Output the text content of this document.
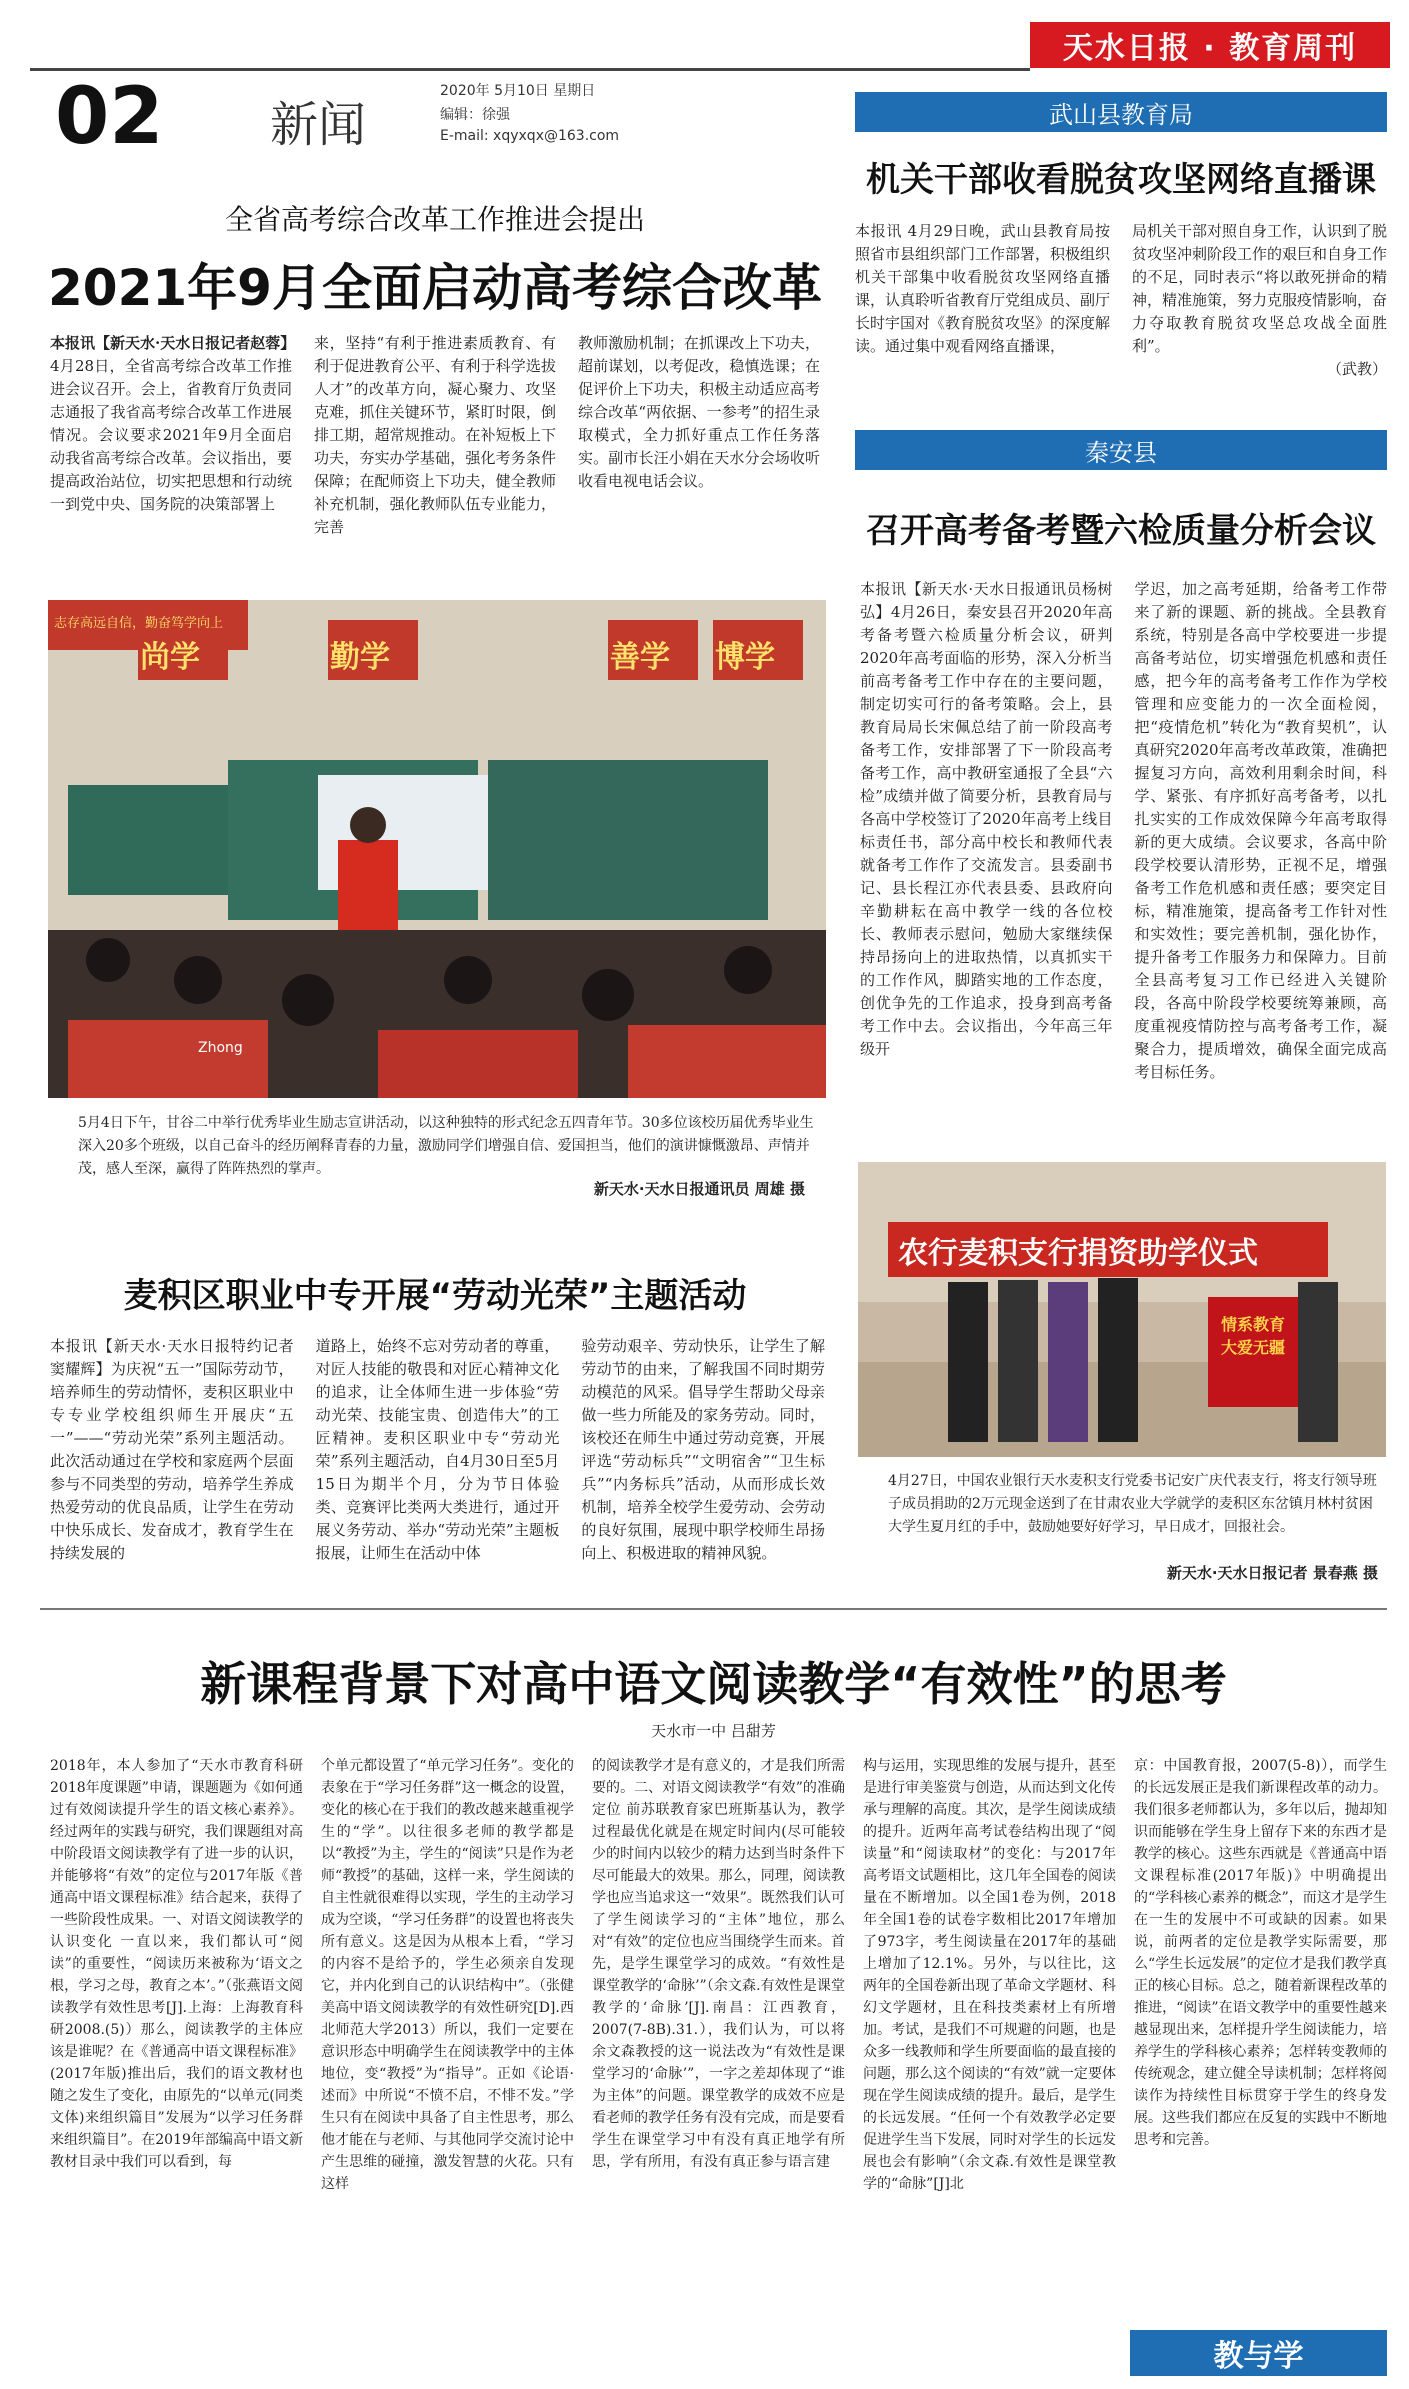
天水日报 · 教育周刊
02 新闻
2020年 5月10日 星期日
编辑：徐强
E-mail: xqyxqx@163.com
全省高考综合改革工作推进会提出
2021年9月全面启动高考综合改革

本报讯【新天水·天水日报记者赵蓉】4月28日，全省高考综合改革工作推进会议召开。会上，省教育厅负责同志通报了我省高考综合改革工作进展情况。会议要求2021年9月全面启动我省高考综合改革。会议指出，要提高政治站位，切实把思想和行动统一到党中央、国务院的决策部署上

来，坚持“有利于推进素质教育、有利于促进教育公平、有利于科学选拔人才”的改革方向，凝心聚力、攻坚克难，抓住关键环节，紧盯时限，倒排工期，超常规推动。在补短板上下功夫，夯实办学基础，强化考务条件保障；在配师资上下功夫，健全教师补充机制，强化教师队伍专业能力，完善

教师激励机制；在抓课改上下功夫，超前谋划，以考促改，稳慎选课；在促评价上下功夫，积极主动适应高考综合改革“两依据、一参考”的招生录取模式，全力抓好重点工作任务落实。副市长汪小娟在天水分会场收听收看电视电话会议。

志存高远自信，勤奋笃学向上
尚学	勤学	善学 博学
Zhong
5月4日下午，甘谷二中举行优秀毕业生励志宣讲活动，以这种独特的形式纪念五四青年节。30多位该校历届优秀毕业生深入20多个班级，以自己奋斗的经历阐释青春的力量，激励同学们增强自信、爱国担当，他们的演讲慷慨激昂、声情并茂，感人至深，赢得了阵阵热烈的掌声。
新天水·天水日报通讯员 周雄 摄
武山县教育局
机关干部收看脱贫攻坚网络直播课

本报讯 4月29日晚，武山县教育局按照省市县组织部门工作部署，积极组织机关干部集中收看脱贫攻坚网络直播课，认真聆听省教育厅党组成员、副厅长时宇国对《教育脱贫攻坚》的深度解读。通过集中观看网络直播课，

局机关干部对照自身工作，认识到了脱贫攻坚冲刺阶段工作的艰巨和自身工作的不足，同时表示“将以敢死拼命的精神，精准施策，努力克服疫情影响，奋力夺取教育脱贫攻坚总攻战全面胜利”。

（武教）

秦安县
召开高考备考暨六检质量分析会议

本报讯【新天水·天水日报通讯员杨树弘】4月26日，秦安县召开2020年高考备考暨六检质量分析会议，研判2020年高考面临的形势，深入分析当前高考备考工作中存在的主要问题，制定切实可行的备考策略。会上，县教育局局长宋佩总结了前一阶段高考备考工作，安排部署了下一阶段高考备考工作，高中教研室通报了全县“六检”成绩并做了简要分析，县教育局与各高中学校签订了2020年高考上线目标责任书，部分高中校长和教师代表就备考工作作了交流发言。县委副书记、县长程江亦代表县委、县政府向辛勤耕耘在高中教学一线的各位校长、教师表示慰问，勉励大家继续保持昂扬向上的进取热情，以真抓实干的工作作风，脚踏实地的工作态度，创优争先的工作追求，投身到高考备考工作中去。会议指出，今年高三年级开

学迟，加之高考延期，给备考工作带来了新的课题、新的挑战。全县教育系统，特别是各高中学校要进一步提高备考站位，切实增强危机感和责任感，把今年的高考备考工作作为学校管理和应变能力的一次全面检阅，把“疫情危机”转化为“教育契机”，认真研究2020年高考改革政策，准确把握复习方向，高效利用剩余时间，科学、紧张、有序抓好高考备考，以扎扎实实的工作成效保障今年高考取得新的更大成绩。会议要求，各高中阶段学校要认清形势，正视不足，增强备考工作危机感和责任感；要突定目标，精准施策，提高备考工作针对性和实效性；要完善机制，强化协作，提升备考工作服务力和保障力。目前全县高考复习工作已经进入关键阶段，各高中阶段学校要统筹兼顾，高度重视疫情防控与高考备考工作，凝聚合力，提质增效，确保全面完成高考目标任务。

农行麦积支行捐资助学仪式
情系教育 大爱无疆
4月27日，中国农业银行天水麦积支行党委书记安广庆代表支行，将支行领导班子成员捐助的2万元现金送到了在甘肃农业大学就学的麦积区东岔镇月林村贫困大学生夏月红的手中，鼓励她要好好学习，早日成才，回报社会。
新天水·天水日报记者 景春燕 摄
麦积区职业中专开展“劳动光荣”主题活动

本报讯【新天水·天水日报特约记者 窦耀辉】为庆祝“五一”国际劳动节，培养师生的劳动情怀，麦积区职业中专专业学校组织师生开展庆“五一”——“劳动光荣”系列主题活动。此次活动通过在学校和家庭两个层面参与不同类型的劳动，培养学生养成热爱劳动的优良品质，让学生在劳动中快乐成长、发奋成才，教育学生在持续发展的

道路上，始终不忘对劳动者的尊重，对匠人技能的敬畏和对匠心精神文化的追求，让全体师生进一步体验“劳动光荣、技能宝贵、创造伟大”的工匠精神。麦积区职业中专“劳动光荣”系列主题活动，自4月30日至5月15日为期半个月，分为节日体验类、竞赛评比类两大类进行，通过开展义务劳动、举办“劳动光荣”主题板报展，让师生在活动中体

验劳动艰辛、劳动快乐，让学生了解劳动节的由来，了解我国不同时期劳动模范的风采。倡导学生帮助父母亲做一些力所能及的家务劳动。同时，该校还在师生中通过劳动竞赛，开展评选“劳动标兵”“文明宿舍”“卫生标兵”“内务标兵”活动，从而形成长效机制，培养全校学生爱劳动、会劳动的良好氛围，展现中职学校师生昂扬向上、积极进取的精神风貌。

新课程背景下对高中语文阅读教学“有效性”的思考
天水市一中 吕甜芳

2018年，本人参加了“天水市教育科研2018年度课题”申请，课题题为《如何通过有效阅读提升学生的语文核心素养》。经过两年的实践与研究，我们课题组对高中阶段语文阅读教学有了进一步的认识，并能够将“有效”的定位与2017年版《普通高中语文课程标准》结合起来，获得了一些阶段性成果。一、对语文阅读教学的认识变化 一直以来，我们都认可“阅读”的重要性，“阅读历来被称为‘语文之根，学习之母，教育之本’。”（张燕语文阅读教学有效性思考[J].上海：上海教育科研2008.(5)）那么，阅读教学的主体应该是谁呢？在《普通高中语文课程标准》(2017年版)推出后，我们的语文教材也随之发生了变化，由原先的“以单元(同类文体)来组织篇目”发展为“以学习任务群来组织篇目”。在2019年部编高中语文新教材目录中我们可以看到，每

个单元都设置了“单元学习任务”。变化的表象在于“学习任务群”这一概念的设置，变化的核心在于我们的教改越来越重视学生的“学”。以往很多老师的教学都是以“教授”为主，学生的“阅读”只是作为老师“教授”的基础，这样一来，学生阅读的自主性就很难得以实现，学生的主动学习成为空谈，“学习任务群”的设置也将丧失所有意义。这是因为从根本上看，“学习的内容不是给予的，学生必须亲自发现它，并内化到自己的认识结构中”。（张健美高中语文阅读教学的有效性研究[D].西北师范大学2013）所以，我们一定要在意识形态中明确学生在阅读教学中的主体地位，变“教授”为“指导”。正如《论语·述而》中所说“不愤不启，不悱不发。”学生只有在阅读中具备了自主性思考，那么他才能在与老师、与其他同学交流讨论中产生思维的碰撞，激发智慧的火花。只有这样

的阅读教学才是有意义的，才是我们所需要的。二、对语文阅读教学“有效”的准确定位 前苏联教育家巴班斯基认为，教学过程最优化就是在规定时间内(尽可能较少的时间内以较少的精力达到当时条件下尽可能最大的效果。那么，同理，阅读教学也应当追求这一“效果”。既然我们认可了学生阅读学习的“主体”地位，那么对“有效”的定位也应当围绕学生而来。首先，是学生课堂学习的成效。“有效性是课堂教学的‘命脉’”（余文森.有效性是课堂教学的‘命脉’[J].南昌：江西教育，2007(7-8B).31.），我们认为，可以将余文森教授的这一说法改为“有效性是课堂学习的‘命脉’”，一字之差却体现了“谁为主体”的问题。课堂教学的成效不应是看老师的教学任务有没有完成，而是要看学生在课堂学习中有没有真正地学有所思，学有所用，有没有真正参与语言建

构与运用，实现思维的发展与提升，甚至是进行审美鉴赏与创造，从而达到文化传承与理解的高度。其次，是学生阅读成绩的提升。近两年高考试卷结构出现了“阅读量”和“阅读取材”的变化：与2017年高考语文试题相比，这几年全国卷的阅读量在不断增加。以全国1卷为例，2018年全国1卷的试卷字数相比2017年增加了973字，考生阅读量在2017年的基础上增加了12.1%。另外，与以往比，这两年的全国卷新出现了革命文学题材、科幻文学题材，且在科技类素材上有所增加。考试，是我们不可规避的问题，也是众多一线教师和学生所要面临的最直接的问题，那么这个阅读的“有效”就一定要体现在学生阅读成绩的提升。最后，是学生的长远发展。“任何一个有效教学必定要促进学生当下发展，同时对学生的长远发展也会有影响”（余文森.有效性是课堂教学的“命脉”[J]北

京：中国教育报，2007(5-8)），而学生的长远发展正是我们新课程改革的动力。我们很多老师都认为，多年以后，抛却知识而能够在学生身上留存下来的东西才是教学的核心。这些东西就是《普通高中语文课程标准(2017年版)》中明确提出的“学科核心素养的概念”，而这才是学生在一生的发展中不可或缺的因素。如果说，前两者的定位是教学实际需要，那么“学生长远发展”的定位才是我们教学真正的核心目标。总之，随着新课程改革的推进，“阅读”在语文教学中的重要性越来越显现出来，怎样提升学生阅读能力，培养学生的学科核心素养；怎样转变教师的传统观念，建立健全导读机制；怎样将阅读作为持续性目标贯穿于学生的终身发展。这些我们都应在反复的实践中不断地思考和完善。

教与学
